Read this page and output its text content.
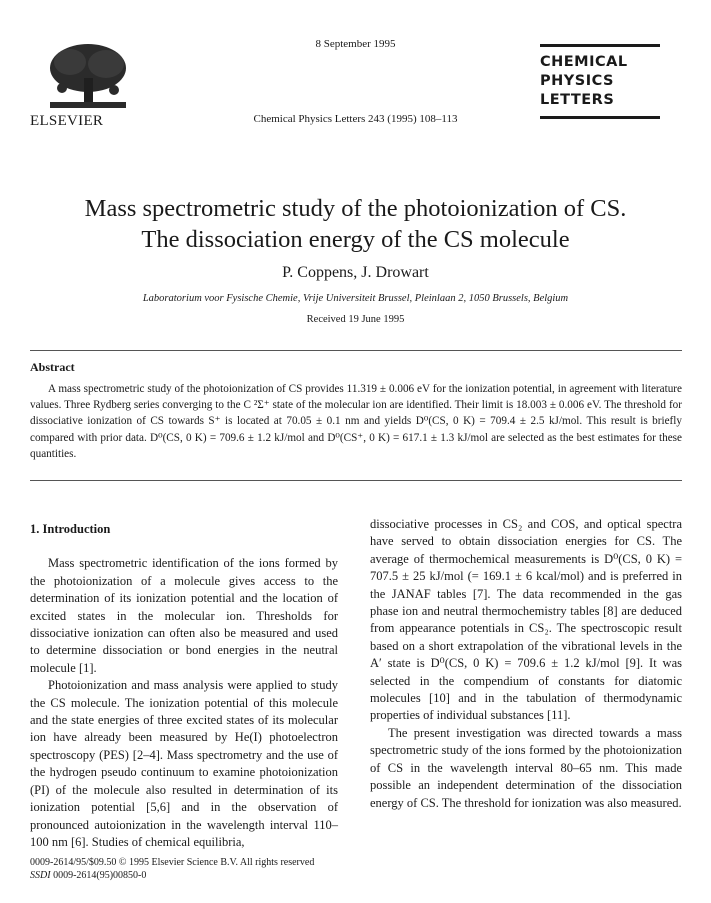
ELSEVIER
8 September 1995
Chemical Physics Letters 243 (1995) 108–113
CHEMICAL
PHYSICS
LETTERS
Mass spectrometric study of the photoionization of CS.
The dissociation energy of the CS molecule
P. Coppens, J. Drowart
Laboratorium voor Fysische Chemie, Vrije Universiteit Brussel, Pleinlaan 2, 1050 Brussels, Belgium
Received 19 June 1995
Abstract

A mass spectrometric study of the photoionization of CS provides 11.319 ± 0.006 eV for the ionization potential, in agreement with literature values. Three Rydberg series converging to the C ²Σ⁺ state of the molecular ion are identified. Their limit is 18.003 ± 0.006 eV. The threshold for dissociative ionization of CS towards S⁺ is located at 70.05 ± 0.1 nm and yields D⁰(CS, 0 K) = 709.4 ± 2.5 kJ/mol. This result is briefly compared with prior data. D⁰(CS, 0 K) = 709.6 ± 1.2 kJ/mol and D⁰(CS⁺, 0 K) = 617.1 ± 1.3 kJ/mol are selected as the best estimates for these quantities.

1. Introduction

Mass spectrometric identification of the ions formed by the photoionization of a molecule gives access to the determination of its ionization potential and the location of excited states in the molecular ion. Thresholds for dissociative ionization can often also be measured and used to determine dissociation or bond energies in the neutral molecule [1].

Photoionization and mass analysis were applied to study the CS molecule. The ionization potential of this molecule and the state energies of three excited states of its molecular ion have already been measured by He(I) photoelectron spectroscopy (PES) [2–4]. Mass spectrometry and the use of the hydrogen pseudo continuum to examine photoionization (PI) of the molecule also resulted in determination of its ionization potential [5,6] and in the observation of pronounced autoionization in the wavelength interval 110–100 nm [6]. Studies of chemical equilibria,

dissociative processes in CS₂ and COS, and optical spectra have served to obtain dissociation energies for CS. The average of thermochemical measurements is D⁰(CS, 0 K) = 707.5 ± 25 kJ/mol (= 169.1 ± 6 kcal/mol) and is preferred in the JANAF tables [7]. The data recommended in the gas phase ion and neutral thermochemistry tables [8] are deduced from appearance potentials in CS₂. The spectroscopic result based on a short extrapolation of the vibrational levels in the A′ state is D⁰(CS, 0 K) = 709.6 ± 1.2 kJ/mol [9]. It was selected in the compendium of constants for diatomic molecules [10] and in the tabulation of thermodynamic properties of individual substances [11].

The present investigation was directed towards a mass spectrometric study of the ions formed by the photoionization of CS in the wavelength interval 80–65 nm. This made possible an independent determination of the dissociation energy of CS. The threshold for ionization was also measured.

0009-2614/95/$09.50 © 1995 Elsevier Science B.V. All rights reserved
SSDI 0009-2614(95)00850-0
